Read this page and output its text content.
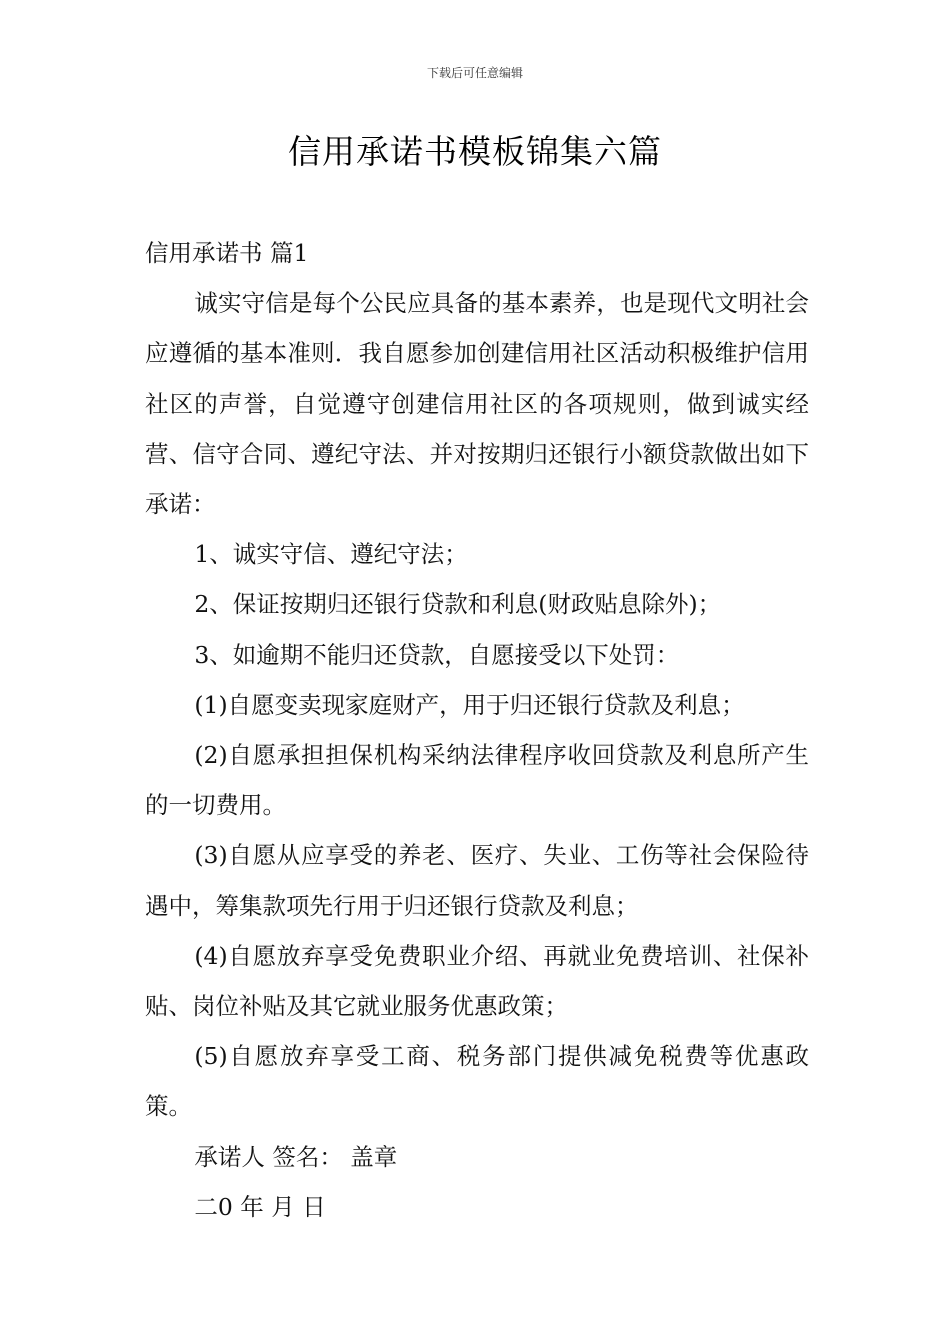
下载后可任意编辑
信用承诺书模板锦集六篇

信用承诺书 篇1

诚实守信是每个公民应具备的基本素养，也是现代文明社会应遵循的基本准则．我自愿参加创建信用社区活动积极维护信用社区的声誉，自觉遵守创建信用社区的各项规则，做到诚实经营、信守合同、遵纪守法、并对按期归还银行小额贷款做出如下承诺：

1、诚实守信、遵纪守法；

2、保证按期归还银行贷款和利息(财政贴息除外)；

3、如逾期不能归还贷款，自愿接受以下处罚：

(1)自愿变卖现家庭财产，用于归还银行贷款及利息；

(2)自愿承担担保机构采纳法律程序收回贷款及利息所产生的一切费用。

(3)自愿从应享受的养老、医疗、失业、工伤等社会保险待遇中，筹集款项先行用于归还银行贷款及利息；

(4)自愿放弃享受免费职业介绍、再就业免费培训、社保补贴、岗位补贴及其它就业服务优惠政策；

(5)自愿放弃享受工商、税务部门提供减免税费等优惠政策。

承诺人 签名： 盖章

二0 年 月 日
